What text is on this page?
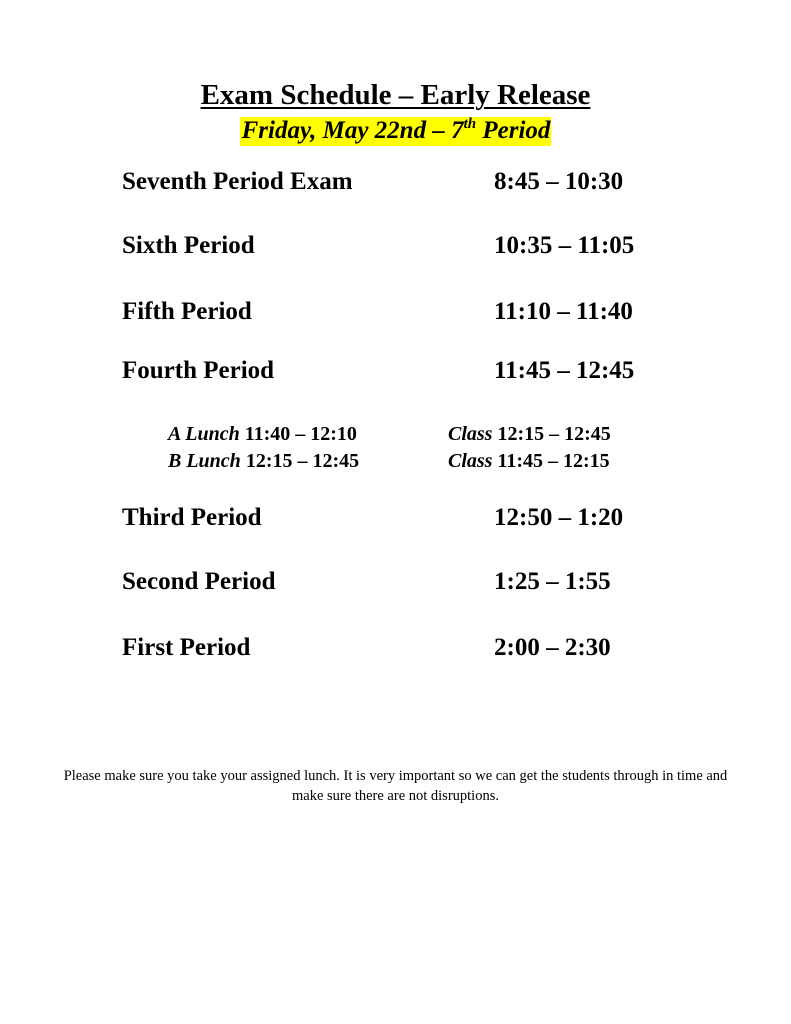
Exam Schedule – Early Release
Friday, May 22nd – 7th Period
Seventh Period Exam	8:45 – 10:30
Sixth Period	10:35 – 11:05
Fifth Period	11:10 – 11:40
Fourth Period	11:45 – 12:45
A Lunch 11:40 – 12:10	Class 12:15 – 12:45
B Lunch 12:15 – 12:45	Class 11:45 – 12:15
Third Period	12:50 – 1:20
Second Period	1:25 – 1:55
First Period	2:00 – 2:30
Please make sure you take your assigned lunch. It is very important so we can get the students through in time and make sure there are not disruptions.
